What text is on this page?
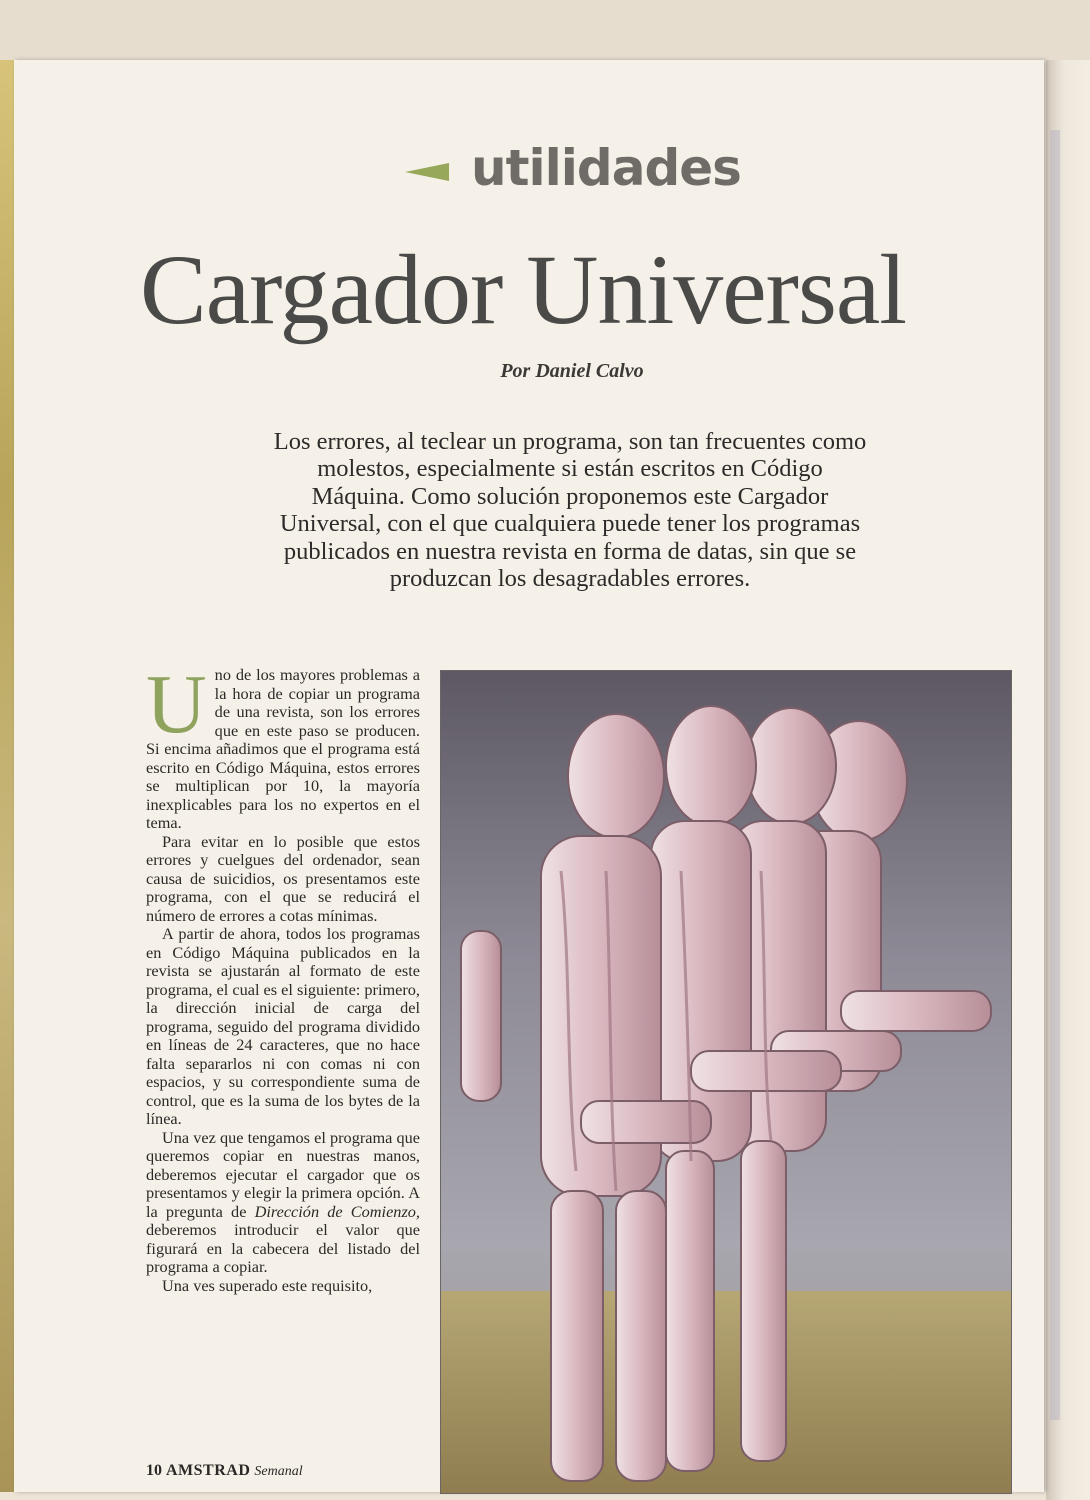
utilidades
Cargador Universal
Por Daniel Calvo
Los errores, al teclear un programa, son tan frecuentes como molestos, especialmente si están escritos en Código Máquina. Como solución proponemos este Cargador Universal, con el que cualquiera puede tener los programas publicados en nuestra revista en forma de datas, sin que se produzcan los desagradables errores.

Uno de los mayores problemas a la hora de copiar un programa de una revista, son los errores que en este paso se producen. Si encima añadimos que el programa está escrito en Código Máquina, estos errores se multiplican por 10, la mayoría inexplicables para los no expertos en el tema.

Para evitar en lo posible que estos errores y cuelgues del ordenador, sean causa de suicidios, os presentamos este programa, con el que se reducirá el número de errores a cotas mínimas.

A partir de ahora, todos los programas en Código Máquina publicados en la revista se ajustarán al formato de este programa, el cual es el siguiente: primero, la dirección inicial de carga del programa, seguido del programa dividido en líneas de 24 caracteres, que no hace falta separarlos ni con comas ni con espacios, y su correspondiente suma de control, que es la suma de los bytes de la línea.

Una vez que tengamos el programa que queremos copiar en nuestras manos, deberemos ejecutar el cargador que os presentamos y elegir la primera opción. A la pregunta de Dirección de Comienzo, deberemos introducir el valor que figurará en la cabecera del listado del programa a copiar.

Una ves superado este requisito,

10 AMSTRAD Semanal
